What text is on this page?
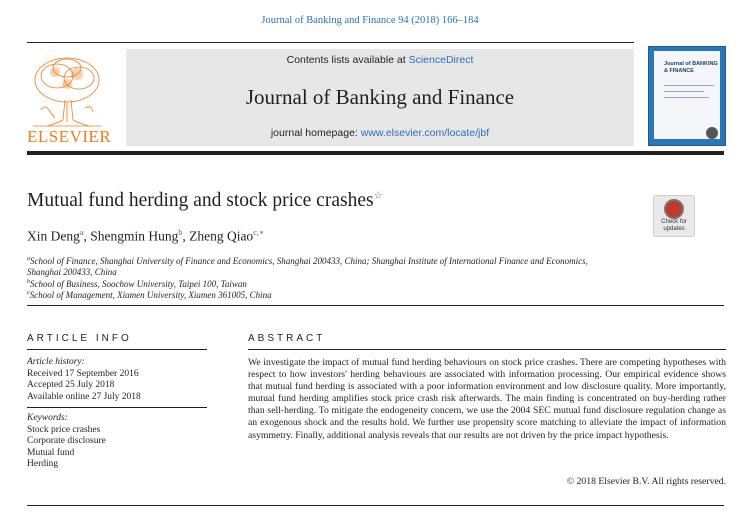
Journal of Banking and Finance 94 (2018) 166–184
ELSEVIER
Contents lists available at ScienceDirect
Journal of Banking and Finance
journal homepage: www.elsevier.com/locate/jbf
Journal of BANKING & FINANCE
Mutual fund herding and stock price crashes☆
Check for
updates
Xin Deng$^a$, Shengmin Hung$^b$, Zheng Qiao$^{c,∗}$
$^a$School of Finance, Shanghai University of Finance and Economics, Shanghai 200433, China; Shanghai Institute of International Finance and Economics,
Shanghai 200433, China
$^b$School of Business, Soochow University, Taipei 100, Taiwan
$^c$School of Management, Xiamen University, Xiamen 361005, China
ARTICLE INFO
Article history:
Received 17 September 2016
Accepted 25 July 2018
Available online 27 July 2018
Keywords:
Stock price crashes
Corporate disclosure
Mutual fund
Herding
ABSTRACT
We investigate the impact of mutual fund herding behaviours on stock price crashes. There are competing hypotheses with respect to how investors' herding behaviours are associated with information processing. Our empirical evidence shows that mutual fund herding is associated with a poor information environment and low disclosure quality. More importantly, mutual fund herding amplifies stock price crash risk afterwards. The main finding is concentrated on buy-herding rather than sell-herding. To mitigate the endogeneity concern, we use the 2004 SEC mutual fund disclosure regulation change as an exogenous shock and the results hold. We further use propensity score matching to alleviate the impact of information asymmetry. Finally, additional analysis reveals that our results are not driven by the price impact hypothesis.
© 2018 Elsevier B.V. All rights reserved.
